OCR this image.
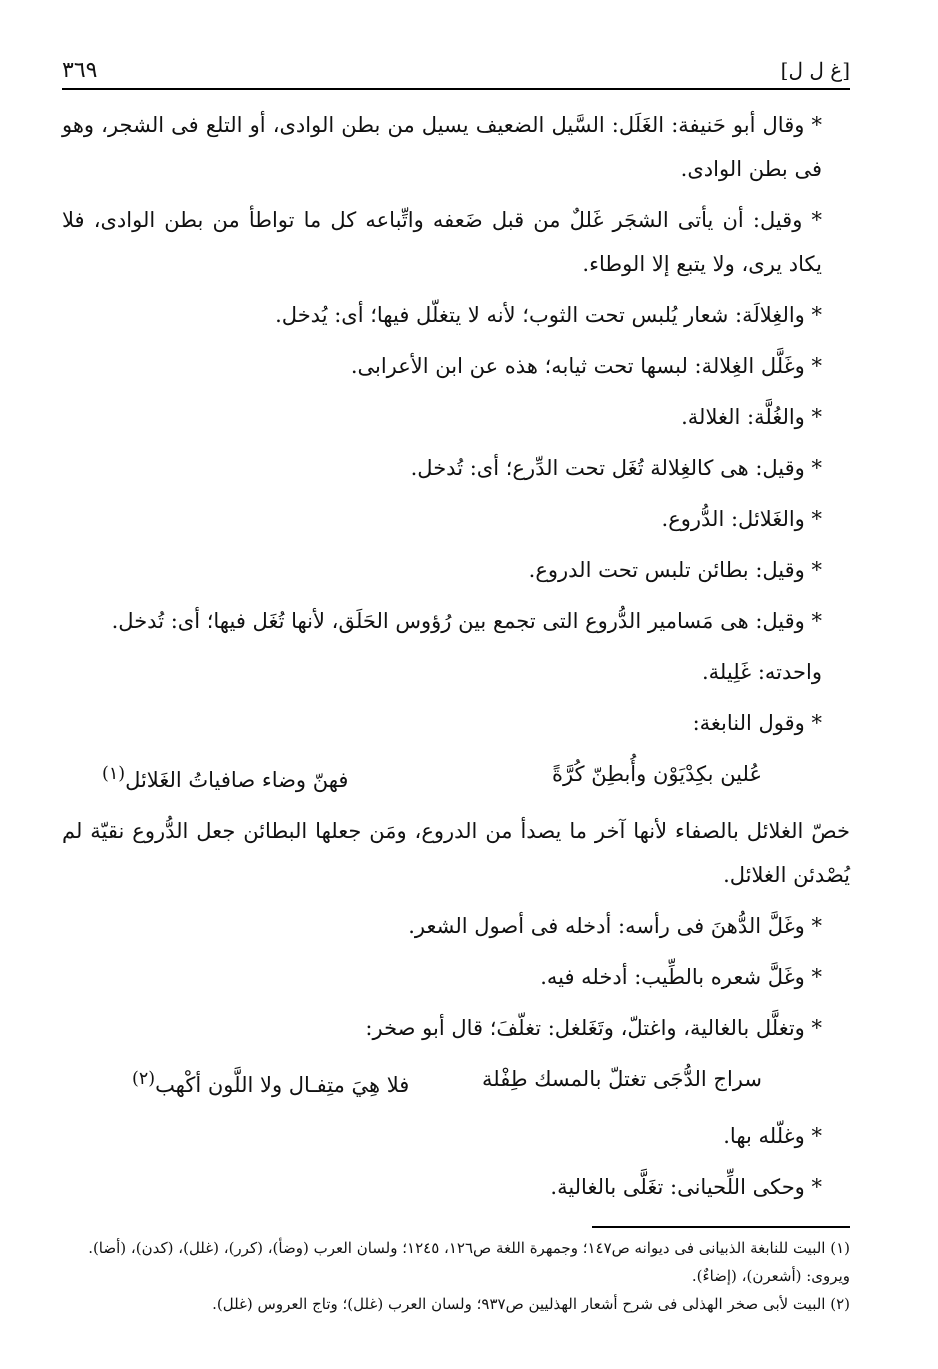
٣٦٩	[غ ل ل]

* وقال أبو حَنيفة: الغَلَل: السَّيل الضعيف يسيل من بطن الوادى، أو التلع فى الشجر، وهو فى بطن الوادى.

* وقيل: أن يأتى الشجَر غَللٌ من قبل ضَعفه واتِّباعه كل ما تواطأ من بطن الوادى، فلا يكاد يرى، ولا يتبع إلا الوطاء.

* والغِلالَة: شعار يُلبس تحت الثوب؛ لأنه لا يتغلّل فيها؛ أى: يُدخل.

* وغَلَّل الغِلالة: لبسها تحت ثيابه؛ هذه عن ابن الأعرابى.

* والغُلَّة: الغلالة.

* وقيل: هى كالغِلالة تُغَل تحت الدِّرع؛ أى: تُدخل.

* والغَلائل: الدُّروع.

* وقيل: بطائن تلبس تحت الدروع.

* وقيل: هى مَسامير الدُّروع التى تجمع بين رُؤوس الحَلَق، لأنها تُغَل فيها؛ أى: تُدخل.

واحدته: غَلِيلة.

* وقول النابغة:

عُلين بكِدْيَوْن وأُبطِنّ كُرَّةً
فهنّ وضاء صافياتُ الغَلائل$^{(١)}$

خصّ الغلائل بالصفاء لأنها آخر ما يصدأ من الدروع، ومَن جعلها البطائن جعل الدُّروع نقيّة لم يُصْدئن الغلائل.

* وغَلَّ الدُّهنَ فى رأسه: أدخله فى أصول الشعر.

* وغَلَّ شعره بالطِّيب: أدخله فيه.

* وتغلَّل بالغالية، واغتلّ، وتَغَلغل: تغلّفَ؛ قال أبو صخر:

سراج الدُّجَى تغتلّ بالمسك طِفْلة
فلا هِيَ متِفـال ولا اللَّون أكْهب$^{(٢)}$

* وغلّله بها.

* وحكى اللِّحيانى: تغَلَّى بالغالية.

(١) البيت للنابغة الذبيانى فى ديوانه ص١٤٧؛ وجمهرة اللغة ص١٢٦، ١٢٤٥؛ ولسان العرب (وضأ)، (كرر)، (غلل)، (كدن)، (أضا). ويروى: (أشعرن)، (إضاءٌ).

(٢) البيت لأبى صخر الهذلى فى شرح أشعار الهذليين ص٩٣٧؛ ولسان العرب (غلل)؛ وتاج العروس (غلل).
